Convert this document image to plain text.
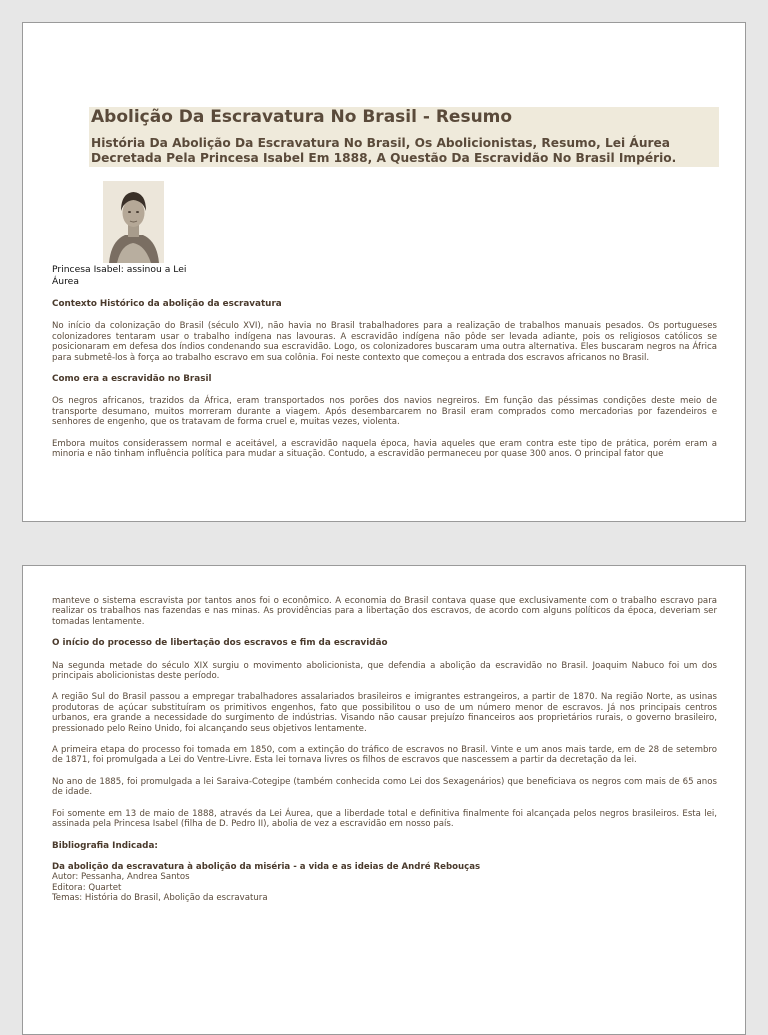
Abolição Da Escravatura No Brasil - Resumo
História Da Abolição Da Escravatura No Brasil, Os Abolicionistas, Resumo, Lei Áurea Decretada Pela Princesa Isabel Em 1888, A Questão Da Escravidão No Brasil Império.
Princesa Isabel: assinou a Lei Áurea
Contexto Histórico da abolição da escravatura

No início da colonização do Brasil (século XVI), não havia no Brasil trabalhadores para a realização de trabalhos manuais pesados. Os portugueses colonizadores tentaram usar o trabalho indígena nas lavouras. A escravidão indígena não pôde ser levada adiante, pois os religiosos católicos se posicionaram em defesa dos índios condenando sua escravidão. Logo, os colonizadores buscaram uma outra alternativa. Eles buscaram negros na África para submetê-los à força ao trabalho escravo em sua colônia. Foi neste contexto que começou a entrada dos escravos africanos no Brasil.

Como era a escravidão no Brasil

Os negros africanos, trazidos da África, eram transportados nos porões dos navios negreiros. Em função das péssimas condições deste meio de transporte desumano, muitos morreram durante a viagem. Após desembarcarem no Brasil eram comprados como mercadorias por fazendeiros e senhores de engenho, que os tratavam de forma cruel e, muitas vezes, violenta.

Embora muitos considerassem normal e aceitável, a escravidão naquela época, havia aqueles que eram contra este tipo de prática, porém eram a minoria e não tinham influência política para mudar a situação. Contudo, a escravidão permaneceu por quase 300 anos. O principal fator que

manteve o sistema escravista por tantos anos foi o econômico. A economia do Brasil contava quase que exclusivamente com o trabalho escravo para realizar os trabalhos nas fazendas e nas minas. As providências para a libertação dos escravos, de acordo com alguns políticos da época, deveriam ser tomadas lentamente.

O início do processo de libertação dos escravos e fim da escravidão

Na segunda metade do século XIX surgiu o movimento abolicionista, que defendia a abolição da escravidão no Brasil. Joaquim Nabuco foi um dos principais abolicionistas deste período.

A região Sul do Brasil passou a empregar trabalhadores assalariados brasileiros e imigrantes estrangeiros, a partir de 1870. Na região Norte, as usinas produtoras de açúcar substituíram os primitivos engenhos, fato que possibilitou o uso de um número menor de escravos. Já nos principais centros urbanos, era grande a necessidade do surgimento de indústrias. Visando não causar prejuízo financeiros aos proprietários rurais, o governo brasileiro, pressionado pelo Reino Unido, foi alcançando seus objetivos lentamente.

A primeira etapa do processo foi tomada em 1850, com a extinção do tráfico de escravos no Brasil. Vinte e um anos mais tarde, em de 28 de setembro de 1871, foi promulgada a Lei do Ventre-Livre. Esta lei tornava livres os filhos de escravos que nascessem a partir da decretação da lei.

No ano de 1885, foi promulgada a lei Saraiva-Cotegipe (também conhecida como Lei dos Sexagenários) que beneficiava os negros com mais de 65 anos de idade.

Foi somente em 13 de maio de 1888, através da Lei Áurea, que a liberdade total e definitiva finalmente foi alcançada pelos negros brasileiros. Esta lei, assinada pela Princesa Isabel (filha de D. Pedro II), abolia de vez a escravidão em nosso país.

Bibliografia Indicada:
Da abolição da escravatura à abolição da miséria - a vida e as ideias de André Rebouças
Autor: Pessanha, Andrea Santos
Editora: Quartet
Temas: História do Brasil, Abolição da escravatura
